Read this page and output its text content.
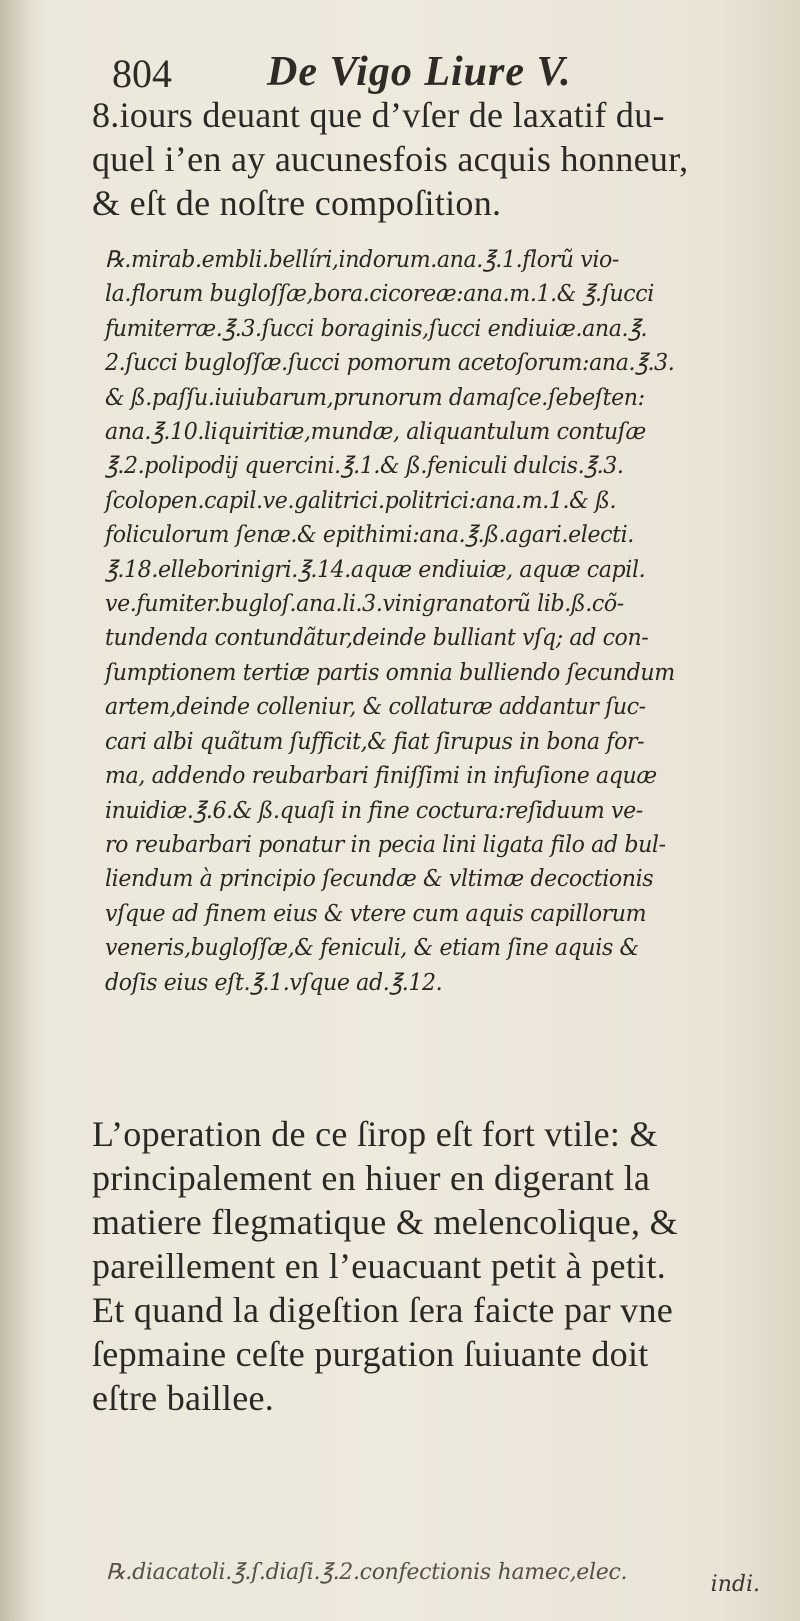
804 De Vigo Liure V.
8.iours deuant que d’vſer de laxatif du-
quel i’en ay aucunesfois acquis honneur,
& eſt de noſtre compoſition.
℞.mirab.embli.bellíri,indorum.ana.℥.1.florũ vio-
la.florum buglоſſæ,bora.cicoreæ:ana.m.1.& ℥.ſucci
fumiterræ.℥.3.ſucci boraginis,ſucci endiuiæ.ana.℥.
2.ſucci bugloſſæ.ſucci pomorum acetoſorum:ana.℥.3.
& ß.paſſu.iuiubarum,prunorum damaſce.ſebeſten:
ana.℥.10.liquiritiæ,mundæ, aliquantulum contuſæ
℥.2.polipodij quercini.℥.1.& ß.feniculi dulcis.℥.3.
ſcolopen.capil.ve.galitrici.politrici:ana.m.1.& ß.
foliculorum ſenæ.& epithimi:ana.℥.ß.agari.electi.
℥.18.elleborinigri.℥.14.aquæ endiuiæ, aquæ capil.
ve.fumiter.bugloſ.ana.li.3.vinigranatorũ lib.ß.cõ-
tundenda contundãtur,deinde bulliant vſq; ad con-
ſumptionem tertiæ partis omnia bulliendo ſecundum
artem,deinde colleniur, & collaturæ addantur ſuc-
cari albi quãtum ſufficit,& fiat ſirupus in bona for-
ma, addendo reubarbari finiſſimi in infuſione aquæ
inuidiæ.℥.6.& ß.quaſi in fine coctura:reſiduum ve-
ro reubarbari ponatur in pecia lini ligata filo ad bul-
liendum à principio ſecundæ & vltimæ decoctionis
vſque ad finem eius & vtere cum aquis capillorum
veneris,bugloſſæ,& feniculi, & etiam ſine aquis &
doſis eius eſt.℥.1.vſque ad.℥.12.
L’operation de ce ſirop eſt fort vtile: &
principalement en hiuer en digerant la
matiere flegmatique & melencolique, &
pareillement en l’euacuant petit à petit.
Et quand la digeſtion ſera faicte par vne
ſepmaine ceſte purgation ſuiuante doit
eſtre baillee.
℞.diacatoli.℥.ſ.diaſi.℥.2.confectionis hamec,elec.	indi.
